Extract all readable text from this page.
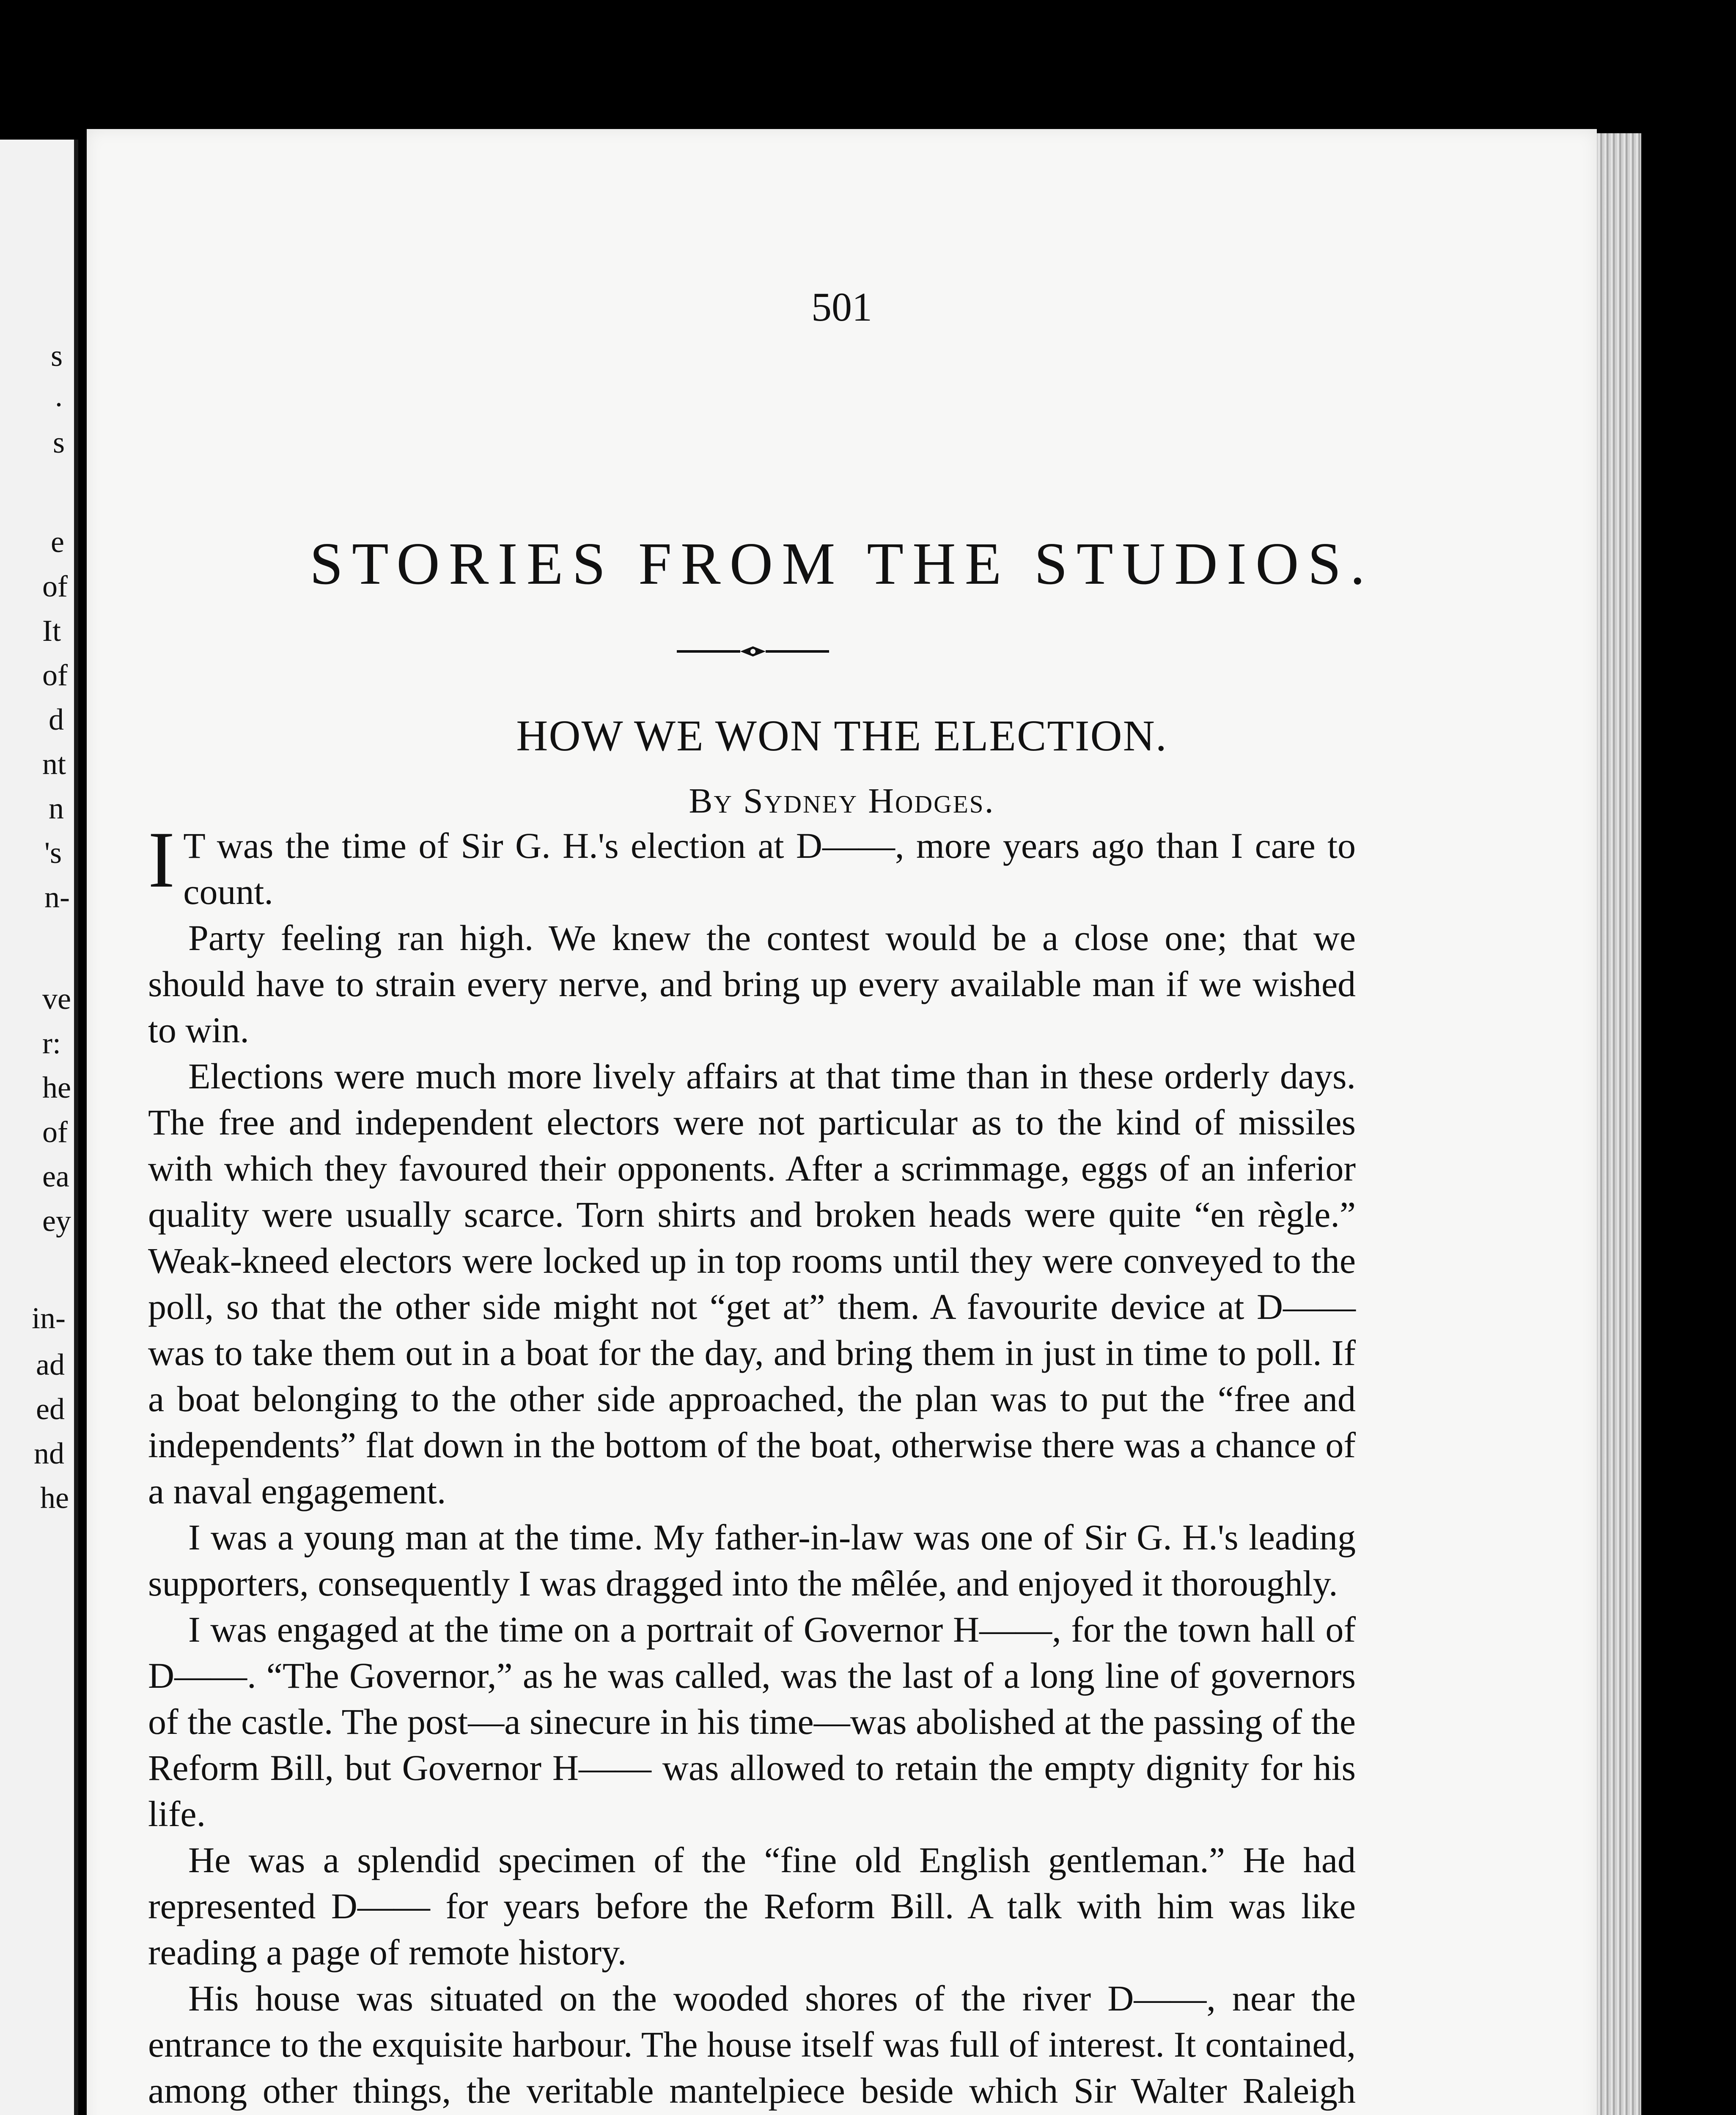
s
.
s
e
of
It
of
d
nt
n
's
n-
ve
r:
he
of
ea
ey
in-
ad
ed
nd
he
501
STORIES FROM THE STUDIOS.
HOW WE WON THE ELECTION.
By Sydney Hodges.

I T was the time of Sir G. H.'s election at D——, more years ago than I care to count.

Party feeling ran high. We knew the contest would be a close one; that we should have to strain every nerve, and bring up every available man if we wished to win.

Elections were much more lively affairs at that time than in these orderly days. The free and independent electors were not particular as to the kind of missiles with which they favoured their opponents. After a scrimmage, eggs of an inferior quality were usually scarce. Torn shirts and broken heads were quite “en règle.” Weak-kneed electors were locked up in top rooms until they were conveyed to the poll, so that the other side might not “get at” them. A favourite device at D—— was to take them out in a boat for the day, and bring them in just in time to poll. If a boat belonging to the other side approached, the plan was to put the “free and independents” flat down in the bottom of the boat, otherwise there was a chance of a naval engagement.

I was a young man at the time. My father-in-law was one of Sir G. H.'s leading supporters, consequently I was dragged into the mêlée, and enjoyed it thoroughly.

I was engaged at the time on a portrait of Governor H——, for the town hall of D——. “The Governor,” as he was called, was the last of a long line of governors of the castle. The post—a sinecure in his time—was abolished at the passing of the Reform Bill, but Governor H—— was allowed to retain the empty dignity for his life.

He was a splendid specimen of the “fine old English gentleman.” He had represented D—— for years before the Reform Bill. A talk with him was like reading a page of remote history.

His house was situated on the wooded shores of the river D——, near the entrance to the exquisite harbour. The house itself was full of interest. It contained, among other things, the veritable mantelpiece beside which Sir Walter Raleigh
